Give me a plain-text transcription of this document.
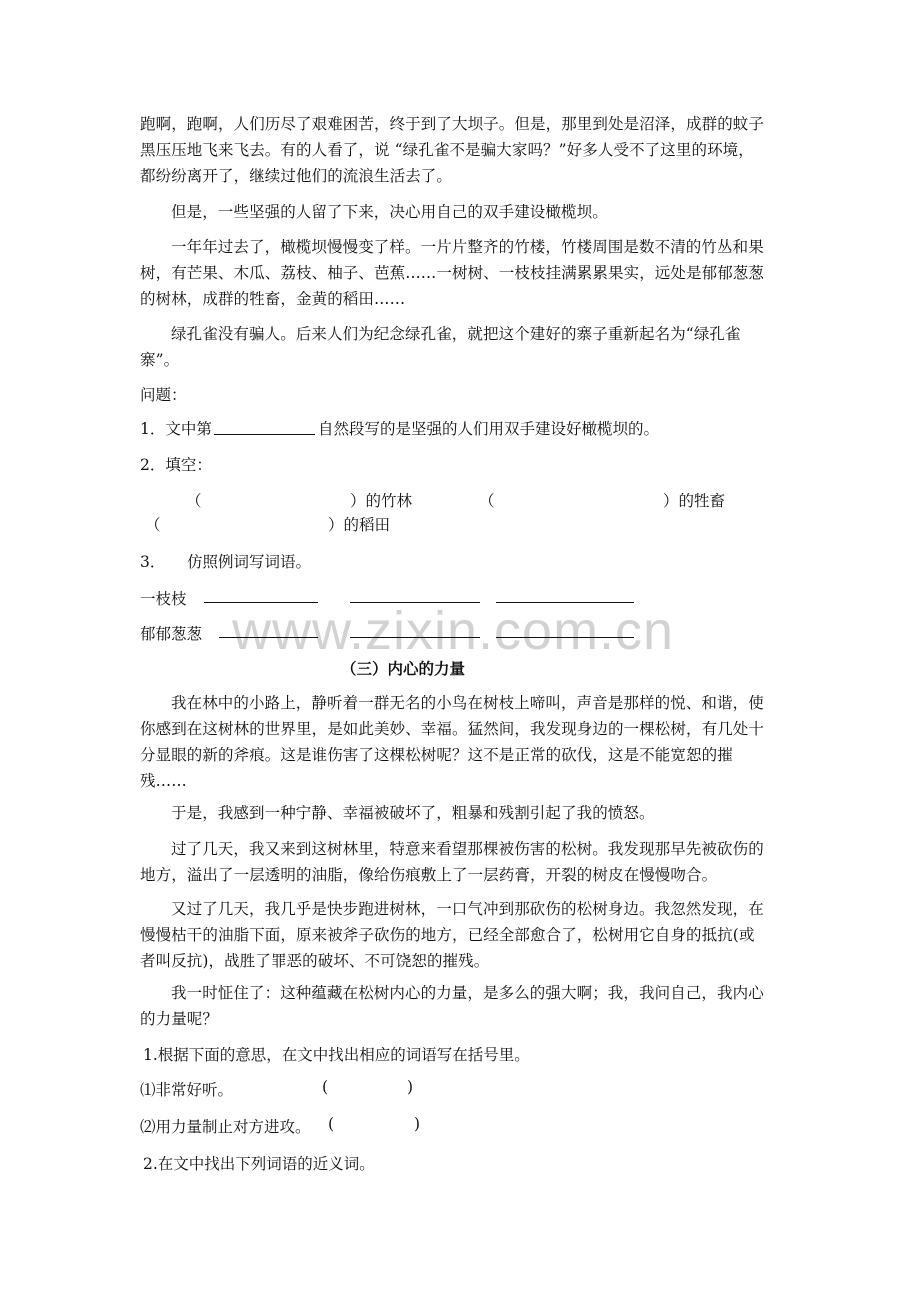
www.zixin.com.cn
跑啊，跑啊，人们历尽了艰难困苦，终于到了大坝子。但是，那里到处是沼泽，成群的蚊子
黑压压地飞来飞去。有的人看了，说 “绿孔雀不是骗大家吗？”好多人受不了这里的环境，
都纷纷离开了，继续过他们的流浪生活去了。
但是，一些坚强的人留了下来，决心用自己的双手建设橄榄坝。
一年年过去了，橄榄坝慢慢变了样。一片片整齐的竹楼，竹楼周围是数不清的竹丛和果
树，有芒果、木瓜、荔枝、柚子、芭蕉……一树树、一枝枝挂满累累果实，远处是郁郁葱葱
的树林，成群的牲畜，金黄的稻田……
绿孔雀没有骗人。后来人们为纪念绿孔雀，就把这个建好的寨子重新起名为“绿孔雀
寨”。
问题：
1．文中第	自然段写的是坚强的人们用双手建设好橄榄坝的。
2．填空：
（	）的竹林	（	）的牲畜
（	）的稻田
3． 仿照例词写词语。
一枝枝
郁郁葱葱
（三）内心的力量
我在林中的小路上，静听着一群无名的小鸟在树枝上啼叫，声音是那样的悦、和谐，使
你感到在这树林的世界里，是如此美妙、幸福。猛然间，我发现身边的一棵松树，有几处十
分显眼的新的斧痕。这是谁伤害了这棵松树呢？这不是正常的砍伐，这是不能宽恕的摧
残……
于是，我感到一种宁静、幸福被破坏了，粗暴和残割引起了我的愤怒。
过了几天，我又来到这树林里，特意来看望那棵被伤害的松树。我发现那早先被砍伤的
地方，溢出了一层透明的油脂，像给伤痕敷上了一层药膏，开裂的树皮在慢慢吻合。
又过了几天，我几乎是快步跑进树林，一口气冲到那砍伤的松树身边。我忽然发现，在
慢慢枯干的油脂下面，原来被斧子砍伤的地方，已经全部愈合了，松树用它自身的抵抗(或
者叫反抗)，战胜了罪恶的破坏、不可饶恕的摧残。
我一时怔住了：这种蕴藏在松树内心的力量，是多么的强大啊；我，我问自己，我内心
的力量呢？
1.根据下面的意思，在文中找出相应的词语写在括号里。
⑴非常好听。	(	)
⑵用力量制止对方进攻。 (	)
2.在文中找出下列词语的近义词。
